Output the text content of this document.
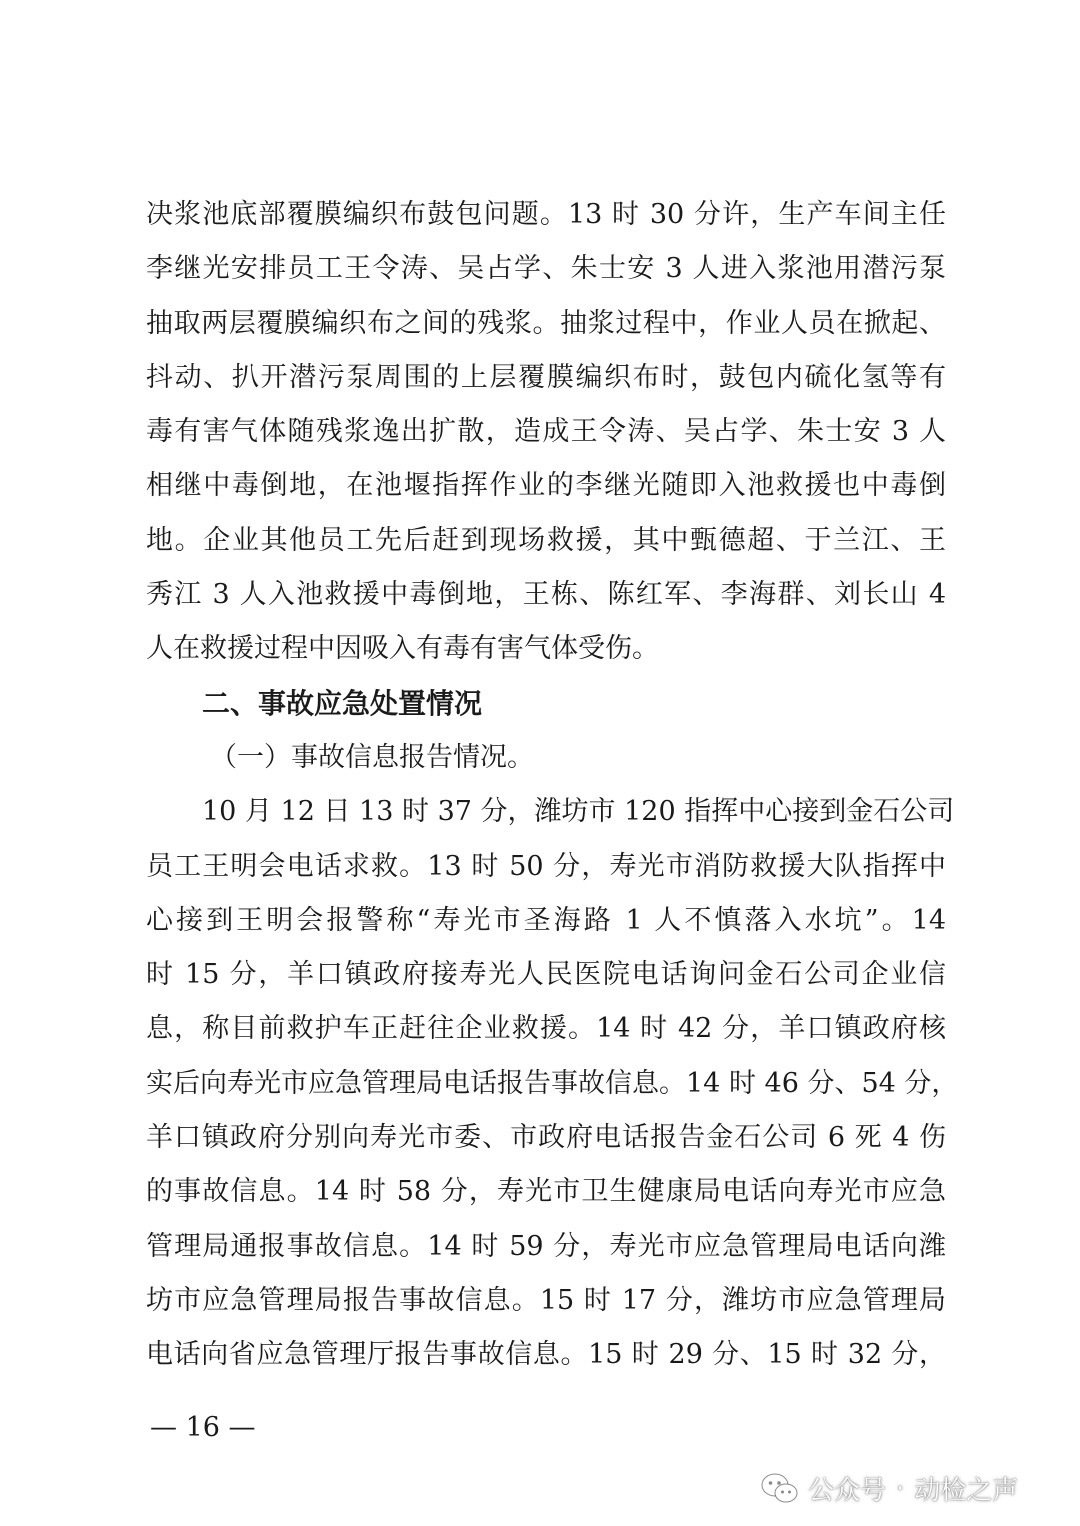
决浆池底部覆膜编织布鼓包问题。13 时 30 分许，生产车间主任
李继光安排员工王令涛、吴占学、朱士安 3 人进入浆池用潜污泵
抽取两层覆膜编织布之间的残浆。抽浆过程中，作业人员在掀起、
抖动、扒开潜污泵周围的上层覆膜编织布时，鼓包内硫化氢等有
毒有害气体随残浆逸出扩散，造成王令涛、吴占学、朱士安 3 人
相继中毒倒地，在池堰指挥作业的李继光随即入池救援也中毒倒
地。企业其他员工先后赶到现场救援，其中甄德超、于兰江、王
秀江 3 人入池救援中毒倒地，王栋、陈红军、李海群、刘长山 4
人在救援过程中因吸入有毒有害气体受伤。
二、事故应急处置情况
（一）事故信息报告情况。
10 月 12 日 13 时 37 分，潍坊市 120 指挥中心接到金石公司
员工王明会电话求救。13 时 50 分，寿光市消防救援大队指挥中
心接到王明会报警称“寿光市圣海路 1 人不慎落入水坑”。14
时 15 分，羊口镇政府接寿光人民医院电话询问金石公司企业信
息，称目前救护车正赶往企业救援。14 时 42 分，羊口镇政府核
实后向寿光市应急管理局电话报告事故信息。14 时 46 分、54 分，
羊口镇政府分别向寿光市委、市政府电话报告金石公司 6 死 4 伤
的事故信息。14 时 58 分，寿光市卫生健康局电话向寿光市应急
管理局通报事故信息。14 时 59 分，寿光市应急管理局电话向潍
坊市应急管理局报告事故信息。15 时 17 分，潍坊市应急管理局
电话向省应急管理厅报告事故信息。15 时 29 分、15 时 32 分，
— 16 —
公众号 · 动检之声
